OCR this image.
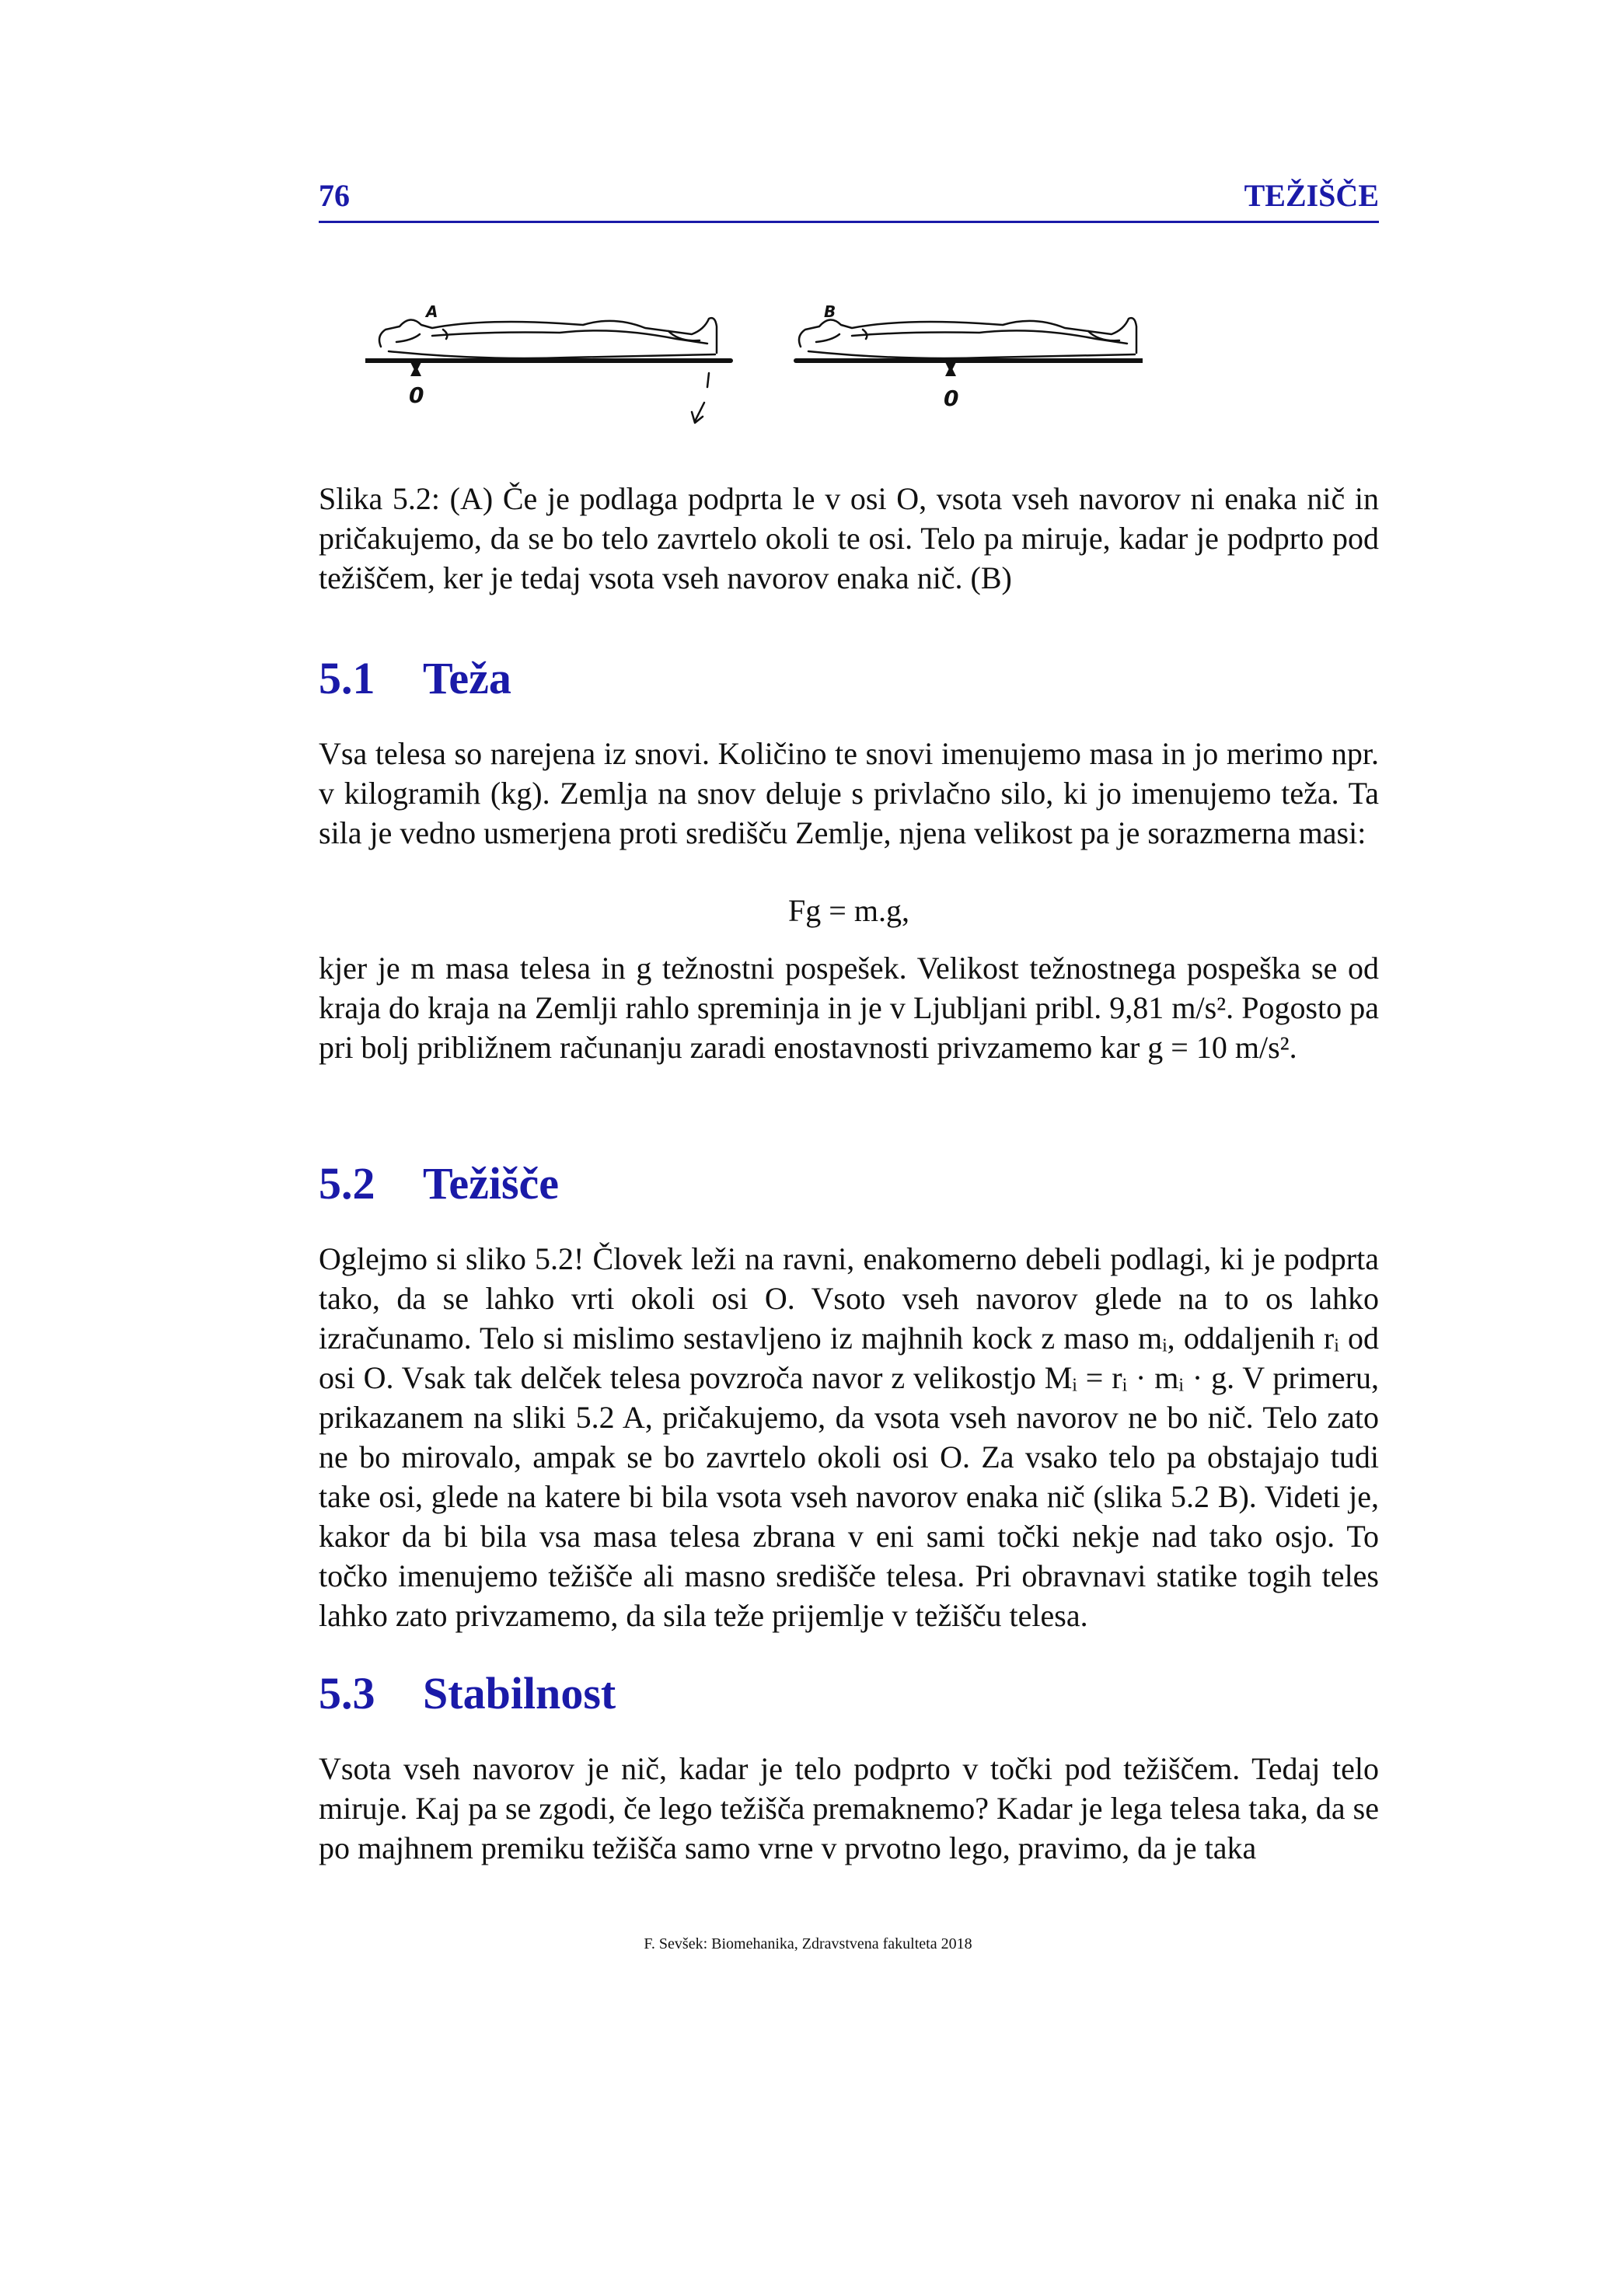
76	TEŽIŠČE
A
0
B
0
Slika 5.2: (A) Če je podlaga podprta le v osi O, vsota vseh navorov ni enaka nič in pričakujemo, da se bo telo zavrtelo okoli te osi. Telo pa miruje, kadar je podprto pod težiščem, ker je tedaj vsota vseh navorov enaka nič. (B)
5.1 Teža
Vsa telesa so narejena iz snovi. Količino te snovi imenujemo masa in jo merimo npr. v kilogramih (kg). Zemlja na snov deluje s privlačno silo, ki jo imenujemo teža. Ta sila je vedno usmerjena proti središču Zemlje, njena velikost pa je sorazmerna masi:
Fg = m.g,
kjer je m masa telesa in g težnostni pospešek. Velikost težnostnega pospeška se od kraja do kraja na Zemlji rahlo spreminja in je v Ljubljani pribl. 9,81 m/s². Pogosto pa pri bolj približnem računanju zaradi enostavnosti privzamemo kar g = 10 m/s².
5.2 Težišče
Oglejmo si sliko 5.2! Človek leži na ravni, enakomerno debeli podlagi, ki je podprta tako, da se lahko vrti okoli osi O. Vsoto vseh navorov glede na to os lahko izračunamo. Telo si mislimo sestavljeno iz majhnih kock z maso mᵢ, oddaljenih rᵢ od osi O. Vsak tak delček telesa povzroča navor z velikostjo Mᵢ = rᵢ · mᵢ · g. V primeru, prikazanem na sliki 5.2 A, pričakujemo, da vsota vseh navorov ne bo nič. Telo zato ne bo mirovalo, ampak se bo zavrtelo okoli osi O. Za vsako telo pa obstajajo tudi take osi, glede na katere bi bila vsota vseh navorov enaka nič (slika 5.2 B). Videti je, kakor da bi bila vsa masa telesa zbrana v eni sami točki nekje nad tako osjo. To točko imenujemo težišče ali masno središče telesa. Pri obravnavi statike togih teles lahko zato privzamemo, da sila teže prijemlje v težišču telesa.
5.3 Stabilnost
Vsota vseh navorov je nič, kadar je telo podprto v točki pod težiščem. Tedaj telo miruje. Kaj pa se zgodi, če lego težišča premaknemo? Kadar je lega telesa taka, da se po majhnem premiku težišča samo vrne v prvotno lego, pravimo, da je taka
F. Sevšek: Biomehanika, Zdravstvena fakulteta 2018
